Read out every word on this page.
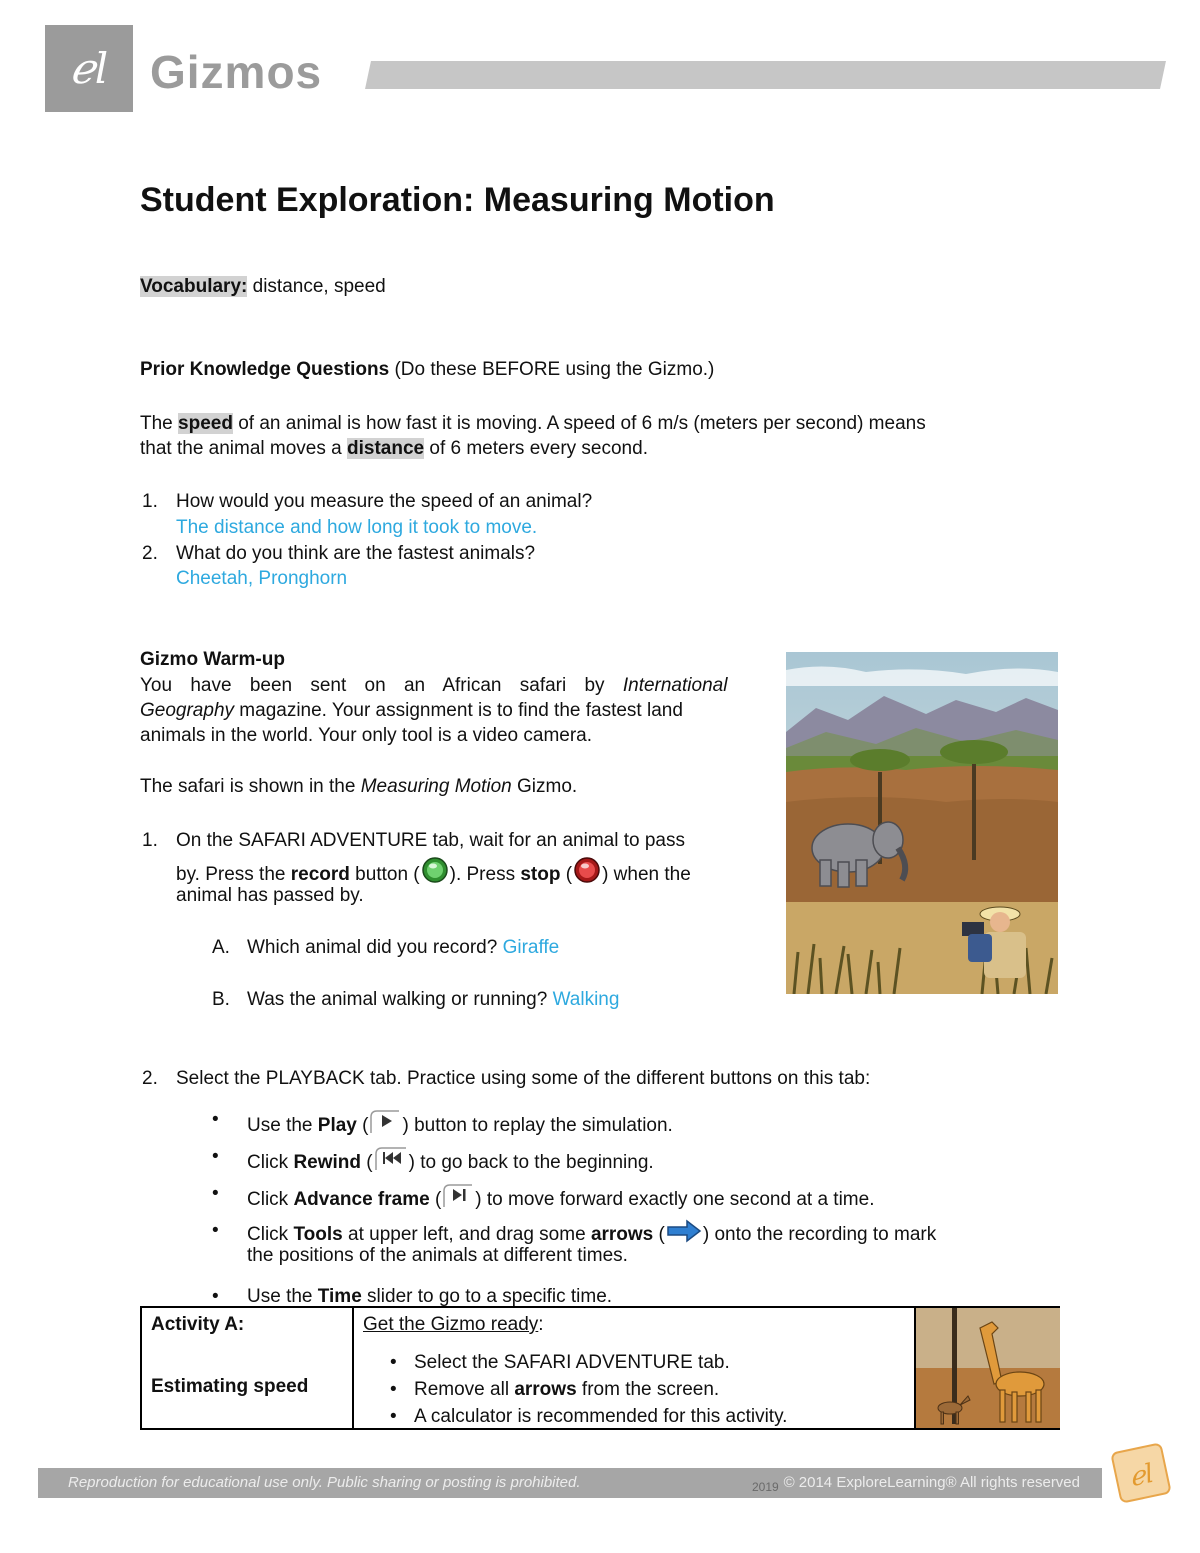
ℯl Gizmos
Student Exploration: Measuring Motion
Vocabulary: distance, speed
Prior Knowledge Questions (Do these BEFORE using the Gizmo.)
The speed of an animal is how fast it is moving. A speed of 6 m/s (meters per second) means
that the animal moves a distance of 6 meters every second.
1. How would you measure the speed of an animal?
The distance and how long it took to move.
2. What do you think are the fastest animals?
Cheetah, Pronghorn
Gizmo Warm-up
You have been sent on an African safari by International
Geography magazine. Your assignment is to find the fastest land
animals in the world. Your only tool is a video camera.
The safari is shown in the Measuring Motion Gizmo.
1. On the SAFARI ADVENTURE tab, wait for an animal to pass
by. Press the record button ( ). Press stop ( ) when the
animal has passed by.
A. Which animal did you record? Giraffe
B. Was the animal walking or running? Walking
2. Select the PLAYBACK tab. Practice using some of the different buttons on this tab:
• Use the Play ( ) button to replay the simulation.
• Click Rewind ( ) to go back to the beginning.
• Click Advance frame ( ) to move forward exactly one second at a time.
• Click Tools at upper left, and drag some arrows ( ) onto the recording to mark
the positions of the animals at different times.
• Use the Time slider to go to a specific time.
Activity A:
Estimating speed
Get the Gizmo ready:
• Select the SAFARI ADVENTURE tab.
• Remove all arrows from the screen.
• A calculator is recommended for this activity.
Reproduction for educational use only. Public sharing or posting is prohibited.	© 2014 ExploreLearning® All rights reserved
2019	ℯl
